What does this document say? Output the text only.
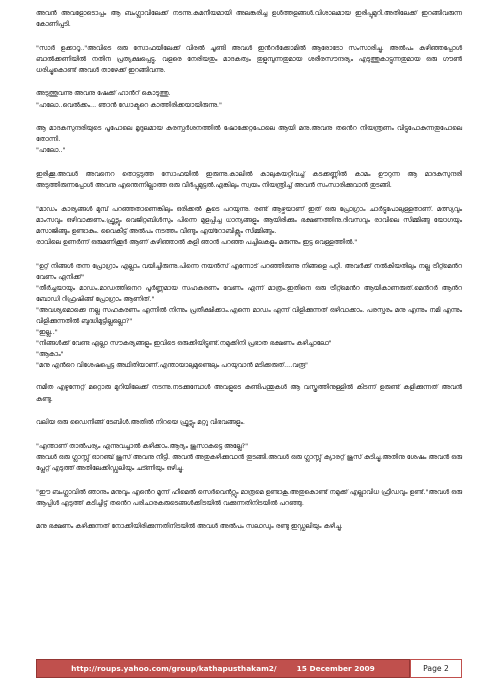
അവൻ അവളോടൊപ്പം ആ ബംഗ്ലാവിലേക്ക് നടന്നു.കമനീയമായി അലങ്കരിച്ച ഉൾത്തളങ്ങൾ.വിശാലമായ ഇരിപ്പുമുറി.അതിലേക്ക് ഇറങ്ങിവരുന്ന കോണിപ്പടി.

"സാർ ഉക്കാറൂ.."അവിടെ ഒരു സോഫയിലേക്ക് വിരൽ ചൂണ്ടി അവൾ ഇൻറർക്കോമിൽ ആരോടോ സംസാരിച്ചു. അൽപം കഴിഞ്ഞപ്പോൾ ബാൽക്കണിയിൽ നതിന പ്രത്യക്ഷപ്പെട്ടു. വളരെ നേരിയതും മാദകത്വം തുളുമ്പുന്നതുമായ ശരീരസൗന്ദര്യം എടുത്തുകാട്ടുന്നതുമായ ഒരു ഗൗൺ ധരിച്ചുകൊണ്ട് അവൾ താഴേക്ക് ഇറങ്ങിവന്നു.

അടുത്തുവന്നു അവനു ഷേക്ക് ഹാൻറ് കൊടുത്തു.
"ഹലോ..വെൽക്കം... ഞാൻ ഡോക്ടറെ കാത്തിരിക്കയായിരുന്നു."

ആ മാദകസുന്ദരിയുടെ പൂപോലെ മൃദുലമായ കരസ്പർശനത്തിൽ ഷോക്കേറ്റപോലെ ആയി മനു.അവനു തൻെറ നിയന്ത്രണം വിട്ടുപോകുന്നതുപോലെ തോന്നി.
"ഹലോ.."

ഇരിക്കൂ.അവൾ അവനെറ തൊട്ടടുത്ത സോഫയിൽ ഇരുന്നു.കാലിൽ കാലുകയറ്റിവച്ച് കടക്കണ്ണിൽ കാമം ഊറുന്ന ആ മാദകസുന്ദരി അടുത്തിരുന്നപ്പോൾ അവനു എന്തെന്നില്ലാത്ത ഒരു വീർപ്പുമുട്ടൽ.എങ്കിലും സ്വയം നിയന്ത്രിച്ച് അവൻ സംസാരിക്കുവാൻ തുടങ്ങി.

"മാഡം കാര്യങ്ങൾ മുമ്പ് പറഞ്ഞതാണെങ്കിലും ഒരിക്കൽ കൂടെ പറയുന്നു. രണ്ട് ആഴ്ചയാണ് ഇത് ഒരു പ്രോഗ്രാം ചാർട്ടുപോലുള്ളതാണ്. മത്സ്യവും മാംസവും ഒഴിവാക്കണം.ഫ്രൂട്സും വെജിറ്റബിൾസും പിന്നെ മുളപ്പിച്ച ധാന്യങ്ങളും ആയിരിക്കും ഭക്ഷണത്തിനു.ദിവസവും രാവിലെ സിമ്മിങ്ങു യോഗയും മസാജിങ്ങും ഉണ്ടാകും. വൈകീട്ട് അൽപം നടത്തം വീണ്ടും എയ്റോബിക്സും സിമ്മിങ്ങും.
രാവിലെ ഉണർന്ന് ഒരുമണിക്കൂർ ആണ് കഴിഞ്ഞാൽ കുളി ഞാൻ പറഞ്ഞ പച്ചിലകളും മരുന്നും ഇട്ട വെള്ളത്തിൽ."

"ഉറ്റ് നിങ്ങൾ തന്ന പ്രോഗ്രാം എല്ലാം വയിച്ചിരുന്നു.പിന്നെ നയൻസ് എന്നോട് പറഞ്ഞിരുന്നു നിങ്ങളെ പറ്റി. അവർക്ക് നൽകിയതിലും നല്ല ട്രീറ്റ്മെൻറ വേണം എനിക്ക്"
"തീർച്ചയായും മാഡം.മാഡത്തിനെറ പൂർണ്ണമായ സഹകരണം വേണം എന്ന് മാത്രം.ഇതിനെ ഒരു ട്രീറ്റ്മെൻറ ആയികാണരുത്.മെൻറർ ആൻറ ബോഡി റിഫ്രഷിങ്ങ് പ്രോഗ്രാം ആണിത്."
"അവശ്യമൊക്കെ നല്ല സഹകരണം എന്നിൽ നിന്നും പ്രതീക്ഷിക്കാം.എന്നെ മാഡം എന്ന് വിളിക്കുന്നത് ഒഴിവാക്കാം. പരസ്പരം മനു എന്നും നമി എന്നും വിളിക്കുന്നതിൽ ബുദ്ധിമുട്ടില്ലല്ലൊ?"
"ഇല്ല.."
"നിങ്ങൾക്ക് വേണ്ട എല്ലാ സൗകര്യങ്ങളും ഇവിടെ ഒരുക്കിയിട്ടുണ്ട്.നമുക്കിനി പ്രഭാത ഭക്ഷണം കഴിച്ചാലോ"
"ആകാം"
"മനു എൻറെ വിശേഷപ്പെട്ട അഥിതിയാണ്.എന്തായാലുമുണ്ടെലും പറയുവാൻ മടിക്കരുത്....വരൂ"

നമിത എഴുന്നേറ്റ് മറ്റൊരു മുറിയിലേക്ക് നടന്നു.നടക്കുമ്പോൾ അവളുടെ കുണ്ടിപന്തുകൾ ആ വസ്ത്രത്തിനുള്ളിൽ കിടന്ന് ഉരുണ്ട് കളിക്കുന്നത് അവൻ കണ്ടു.

വലിയ ഒരു ഡൈനിങ്ങ് ടേബിൾ.അതിൽ നിറയെ ഫ്രൂട്സും മറ്റു വിഭവങ്ങളും.

"എന്താണ് താൽപര്യം എന്നുവച്ചാൽ കഴിക്കാം.ആദ്യം ജൂസാകട്ടെ അല്ലേ?"
അവൾ ഒരു ഗ്ലാസ്സ് ഓറഞ്ച് ജൂസ് അവനു നീട്ടി. അവൻ അതുകഴിക്കുവാൻ തുടങ്ങി.അവൾ ഒരു ഗ്ലാസ്സ് ക്യാരറ്റ് ജൂസ് കുടിച്ചു.അതിനു ശേഷം അവൻ ഒരു പ്ലേറ്റ് എടുത്ത് അതിലേക്കിഡ്ഡലിയും ചട്ണിയും ഒഴിച്ചു.

"ഈ ബംഗ്ലാവിൽ ഞാനും മനുവും എൻെറ മൂന്ന് ഹീമെൽ സെർവെൻറ്സും മാത്രമെ ഉണ്ടാകൂ.അതുകൊണ്ട് നമുക്ക് എല്ലാവിധ ഫ്രീഡവും ഉണ്ട്."അവൾ ഒരു ആപ്പിൾ എടുത്ത് കടിച്ചിട്ട് തൻെറ പരിചാരകരുടെങ്ങൾക്കിടയിൽ വക്കുന്നതിനിടയിൽ പറഞ്ഞു.

മനു ഭക്ഷണം കഴിക്കുന്നത് നോക്കിയിരിക്കുന്നതിനിടയിൽ അവൾ അൽപം സലാഡും രണ്ടു ഇഡ്ഡലിയും കഴിച്ചു.

http://roups.yahoo.com/group/kathapusthakam2/	15 December 2009	Page 2
